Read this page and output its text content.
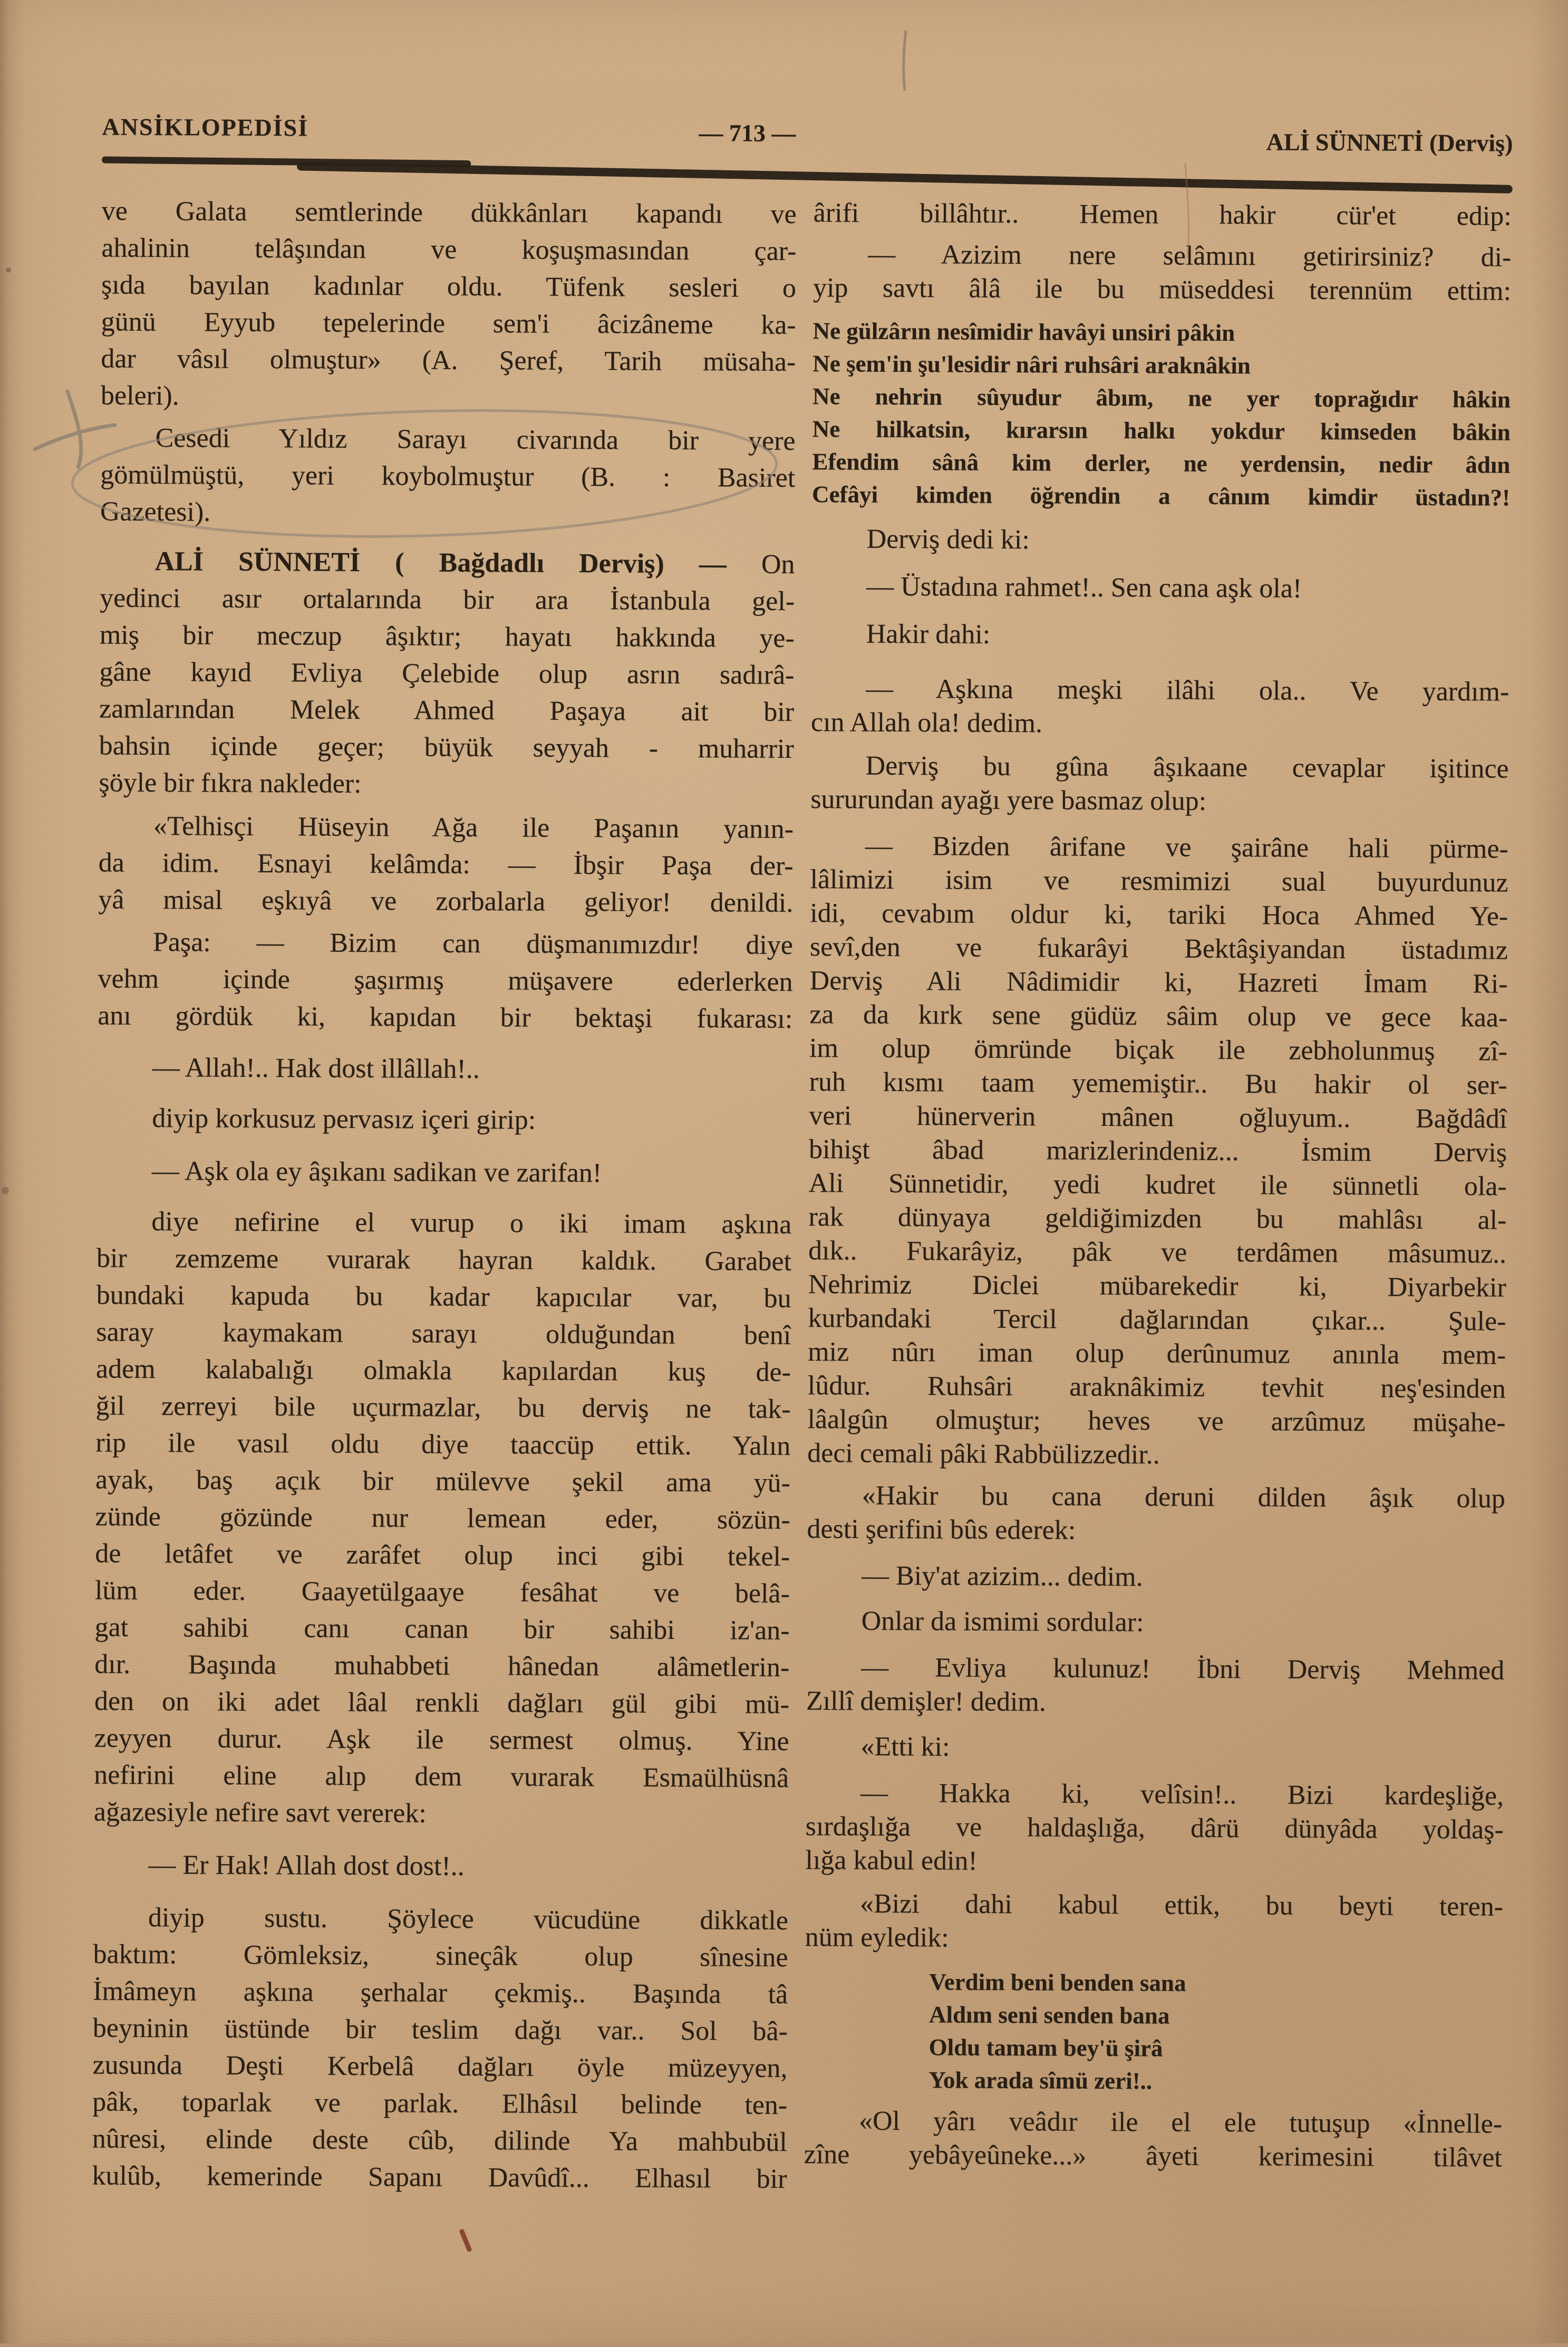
ANSİKLOPEDİSİ	— 713 —	ALİ SÜNNETİ (Derviş)
ve Galata semtlerinde dükkânları kapandı ve
ahalinin telâşından ve koşuşmasından çar-
şıda bayılan kadınlar oldu. Tüfenk sesleri o
günü Eyyub tepelerinde sem'i âcizâneme ka-
dar vâsıl olmuştur» (A. Şeref, Tarih müsaha-
beleri).
Cesedi Yıldız Sarayı civarında bir yere
gömülmüştü, yeri koybolmuştur (B. : Basiret
Gazetesi).
ALİ SÜNNETİ ( Bağdadlı Derviş) — On
yedinci asır ortalarında bir ara İstanbula gel-
miş bir meczup âşıktır; hayatı hakkında ye-
gâne kayıd Evliya Çelebide olup asrın sadırâ-
zamlarından Melek Ahmed Paşaya ait bir
bahsin içinde geçer; büyük seyyah - muharrir
şöyle bir fıkra nakleder:
«Telhisçi Hüseyin Ağa ile Paşanın yanın-
da idim. Esnayi kelâmda: — İbşir Paşa der-
yâ misal eşkıyâ ve zorbalarla geliyor! denildi.
Paşa: — Bizim can düşmanımızdır! diye
vehm içinde şaşırmış müşavere ederlerken
anı gördük ki, kapıdan bir bektaşi fukarası:
— Allah!.. Hak dost illâllah!..
diyip korkusuz pervasız içeri girip:
— Aşk ola ey âşıkanı sadikan ve zarifan!
diye nefirine el vurup o iki imam aşkına
bir zemzeme vurarak hayran kaldık. Garabet
bundaki kapuda bu kadar kapıcılar var, bu
saray kaymakam sarayı olduğundan benî
adem kalabalığı olmakla kapılardan kuş de-
ğil zerreyi bile uçurmazlar, bu derviş ne tak-
rip ile vasıl oldu diye taaccüp ettik. Yalın
ayak, baş açık bir mülevve şekil ama yü-
zünde gözünde nur lemean eder, sözün-
de letâfet ve zarâfet olup inci gibi tekel-
lüm eder. Gaayetülgaaye fesâhat ve belâ-
gat sahibi canı canan bir sahibi iz'an-
dır. Başında muhabbeti hânedan alâmetlerin-
den on iki adet lâal renkli dağları gül gibi mü-
zeyyen durur. Aşk ile sermest olmuş. Yine
nefirini eline alıp dem vurarak Esmaülhüsnâ
ağazesiyle nefire savt vererek:
— Er Hak! Allah dost dost!..
diyip sustu. Şöylece vücudüne dikkatle
baktım: Gömleksiz, sineçâk olup sînesine
İmâmeyn aşkına şerhalar çekmiş.. Başında tâ
beyninin üstünde bir teslim dağı var.. Sol bâ-
zusunda Deşti Kerbelâ dağları öyle müzeyyen,
pâk, toparlak ve parlak. Elhâsıl belinde ten-
nûresi, elinde deste cûb, dilinde Ya mahbubül
kulûb, kemerinde Sapanı Davûdî... Elhasıl bir
ârifi billâhtır.. Hemen hakir cür'et edip:
— Azizim nere selâmını getirirsiniz? di-
yip savtı âlâ ile bu müseddesi terennüm ettim:
Ne gülzârın nesîmidir havâyi unsiri pâkin
Ne şem'in şu'lesidir nâri ruhsâri araknâkin
Ne nehrin sûyudur âbım, ne yer toprağıdır hâkin
Ne hilkatsin, kırarsın halkı yokdur kimseden bâkin
Efendim sânâ kim derler, ne yerdensin, nedir âdın
Cefâyi kimden öğrendin a cânım kimdir üstadın?!
Derviş dedi ki:
— Üstadına rahmet!.. Sen cana aşk ola!
Hakir dahi:
— Aşkına meşki ilâhi ola.. Ve yardım-
cın Allah ola! dedim.
Derviş bu gûna âşıkaane cevaplar işitince
sururundan ayağı yere basmaz olup:
— Bizden ârifane ve şairâne hali pürme-
lâlimizi isim ve resmimizi sual buyurdunuz
idi, cevabım oldur ki, tariki Hoca Ahmed Ye-
sevî,den ve fukarâyi Bektâşiyandan üstadımız
Derviş Ali Nâdimidir ki, Hazreti İmam Ri-
za da kırk sene güdüz sâim olup ve gece kaa-
im olup ömründe biçak ile zebholunmuş zî-
ruh kısmı taam yememiştir.. Bu hakir ol ser-
veri hünerverin mânen oğluyum.. Bağdâdî
bihişt âbad marizlerindeniz... İsmim Derviş
Ali Sünnetidir, yedi kudret ile sünnetli ola-
rak dünyaya geldiğimizden bu mahlâsı al-
dık.. Fukarâyiz, pâk ve terdâmen mâsumuz..
Nehrimiz Diclei mübarekedir ki, Diyarbekir
kurbandaki Tercil dağlarından çıkar... Şule-
miz nûrı iman olup derûnumuz anınla mem-
lûdur. Ruhsâri araknâkimiz tevhit neş'esinden
lâalgûn olmuştur; heves ve arzûmuz müşahe-
deci cemali pâki Rabbülizzedir..
«Hakir bu cana deruni dilden âşık olup
desti şerifini bûs ederek:
— Biy'at azizim... dedim.
Onlar da ismimi sordular:
— Evliya kulunuz! İbni Derviş Mehmed
Zıllî demişler! dedim.
«Etti ki:
— Hakka ki, velîsin!.. Bizi kardeşliğe,
sırdaşlığa ve haldaşlığa, dârü dünyâda yoldaş-
lığa kabul edin!
«Bizi dahi kabul ettik, bu beyti teren-
nüm eyledik:
Verdim beni benden sana
Aldım seni senden bana
Oldu tamam bey'ü şirâ
Yok arada sîmü zeri!..
«Ol yârı veâdır ile el ele tutuşup «İnnelle-
zîne yebâyeûneke...» âyeti kerimesini tilâvet
